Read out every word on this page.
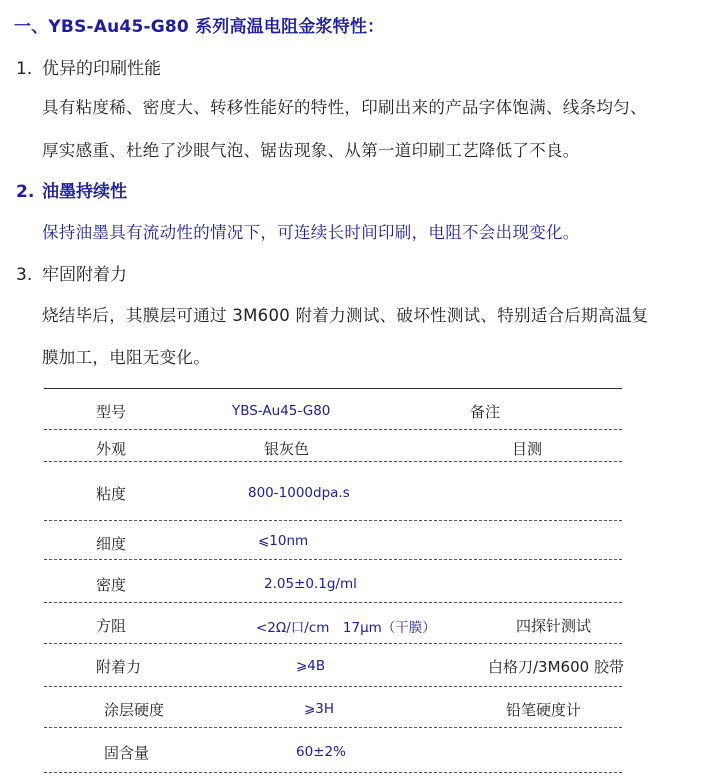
一、YBS-Au45-G80 系列高温电阻金浆特性：
1. 优异的印刷性能
具有粘度稀、密度大、转移性能好的特性，印刷出来的产品字体饱满、线条均匀、
厚实感重、杜绝了沙眼气泡、锯齿现象、从第一道印刷工艺降低了不良。
2. 油墨持续性
保持油墨具有流动性的情况下，可连续长时间印刷，电阻不会出现变化。
3. 牢固附着力
烧结毕后，其膜层可通过 3M600 附着力测试、破坏性测试、特别适合后期高温复
膜加工，电阻无变化。
型号	YBS-Au45-G80	备注
外观	银灰色	目测
粘度	800-1000dpa.s
细度	⩽10nm
密度	2.05±0.1g/ml
方阻	<2Ω/口/cm　17μm（干膜）	四探针测试
附着力	⩾4B	白格刀/3M600 胶带
涂层硬度	⩾3H	铅笔硬度计
固含量	60±2%
